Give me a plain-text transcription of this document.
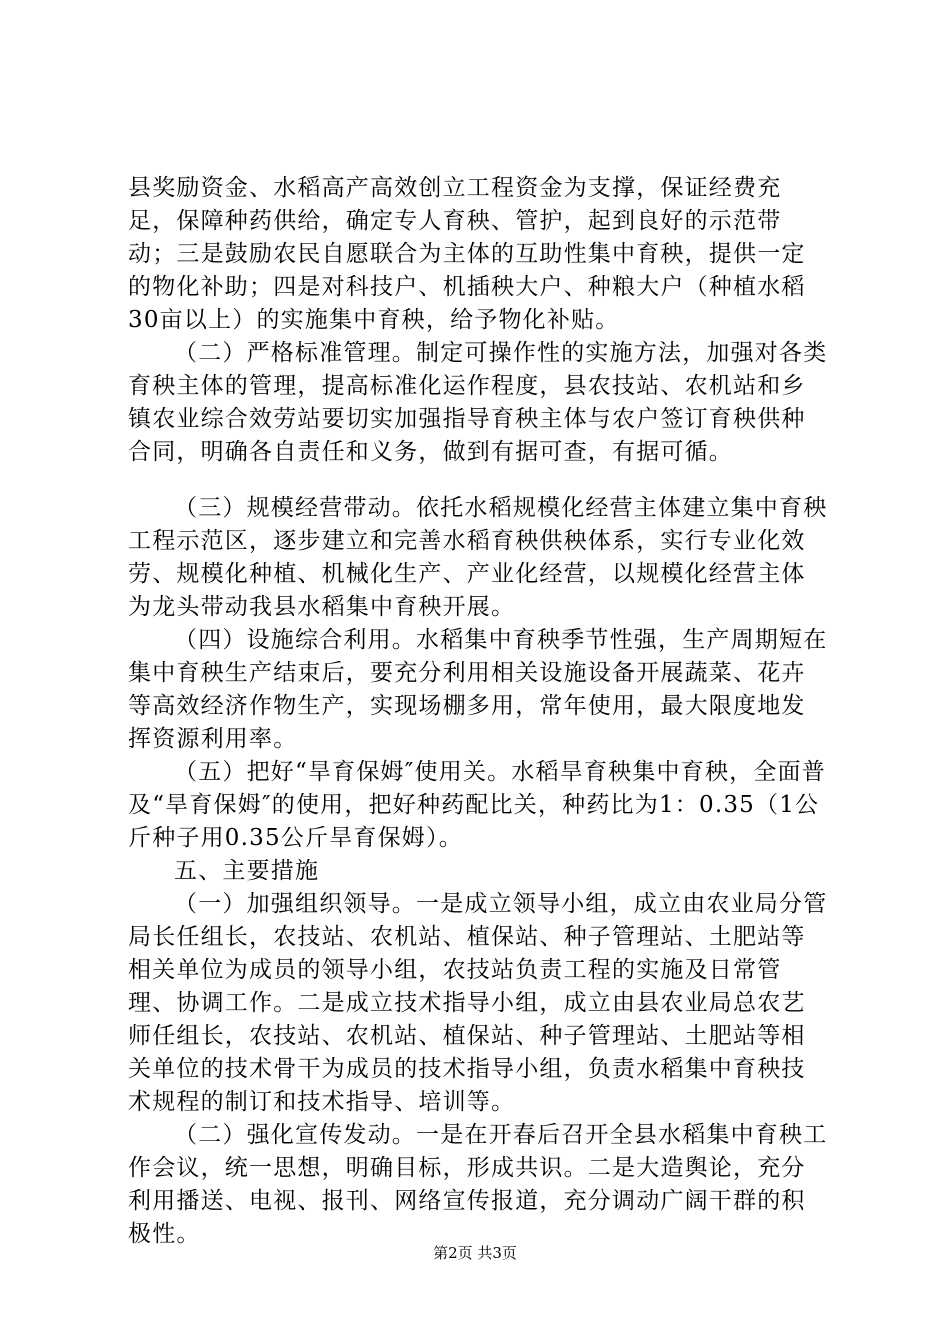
县奖励资金、水稻高产高效创立工程资金为支撑，保证经费充足，保障种药供给，确定专人育秧、管护，起到良好的示范带动；三是鼓励农民自愿联合为主体的互助性集中育秧，提供一定的物化补助；四是对科技户、机插秧大户、种粮大户（种植水稻30亩以上）的实施集中育秧，给予物化补贴。

（二）严格标准管理。制定可操作性的实施方法，加强对各类育秧主体的管理，提高标准化运作程度，县农技站、农机站和乡镇农业综合效劳站要切实加强指导育秧主体与农户签订育秧供种合同，明确各自责任和义务，做到有据可查，有据可循。

（三）规模经营带动。依托水稻规模化经营主体建立集中育秧工程示范区，逐步建立和完善水稻育秧供秧体系，实行专业化效劳、规模化种植、机械化生产、产业化经营，以规模化经营主体为龙头带动我县水稻集中育秧开展。

（四）设施综合利用。水稻集中育秧季节性强，生产周期短在集中育秧生产结束后，要充分利用相关设施设备开展蔬菜、花卉等高效经济作物生产，实现场棚多用，常年使用，最大限度地发挥资源利用率。

（五）把好“旱育保姆″使用关。水稻旱育秧集中育秧，全面普及“旱育保姆″的使用，把好种药配比关，种药比为1：0.35（1公斤种子用0.35公斤旱育保姆）。

五、主要措施

（一）加强组织领导。一是成立领导小组，成立由农业局分管局长任组长，农技站、农机站、植保站、种子管理站、土肥站等相关单位为成员的领导小组，农技站负责工程的实施及日常管理、协调工作。二是成立技术指导小组，成立由县农业局总农艺师任组长，农技站、农机站、植保站、种子管理站、土肥站等相关单位的技术骨干为成员的技术指导小组，负责水稻集中育秧技术规程的制订和技术指导、培训等。

（二）强化宣传发动。一是在开春后召开全县水稻集中育秧工作会议，统一思想，明确目标，形成共识。二是大造舆论，充分利用播送、电视、报刊、网络宣传报道，充分调动广阔干群的积极性。

第2页 共3页
